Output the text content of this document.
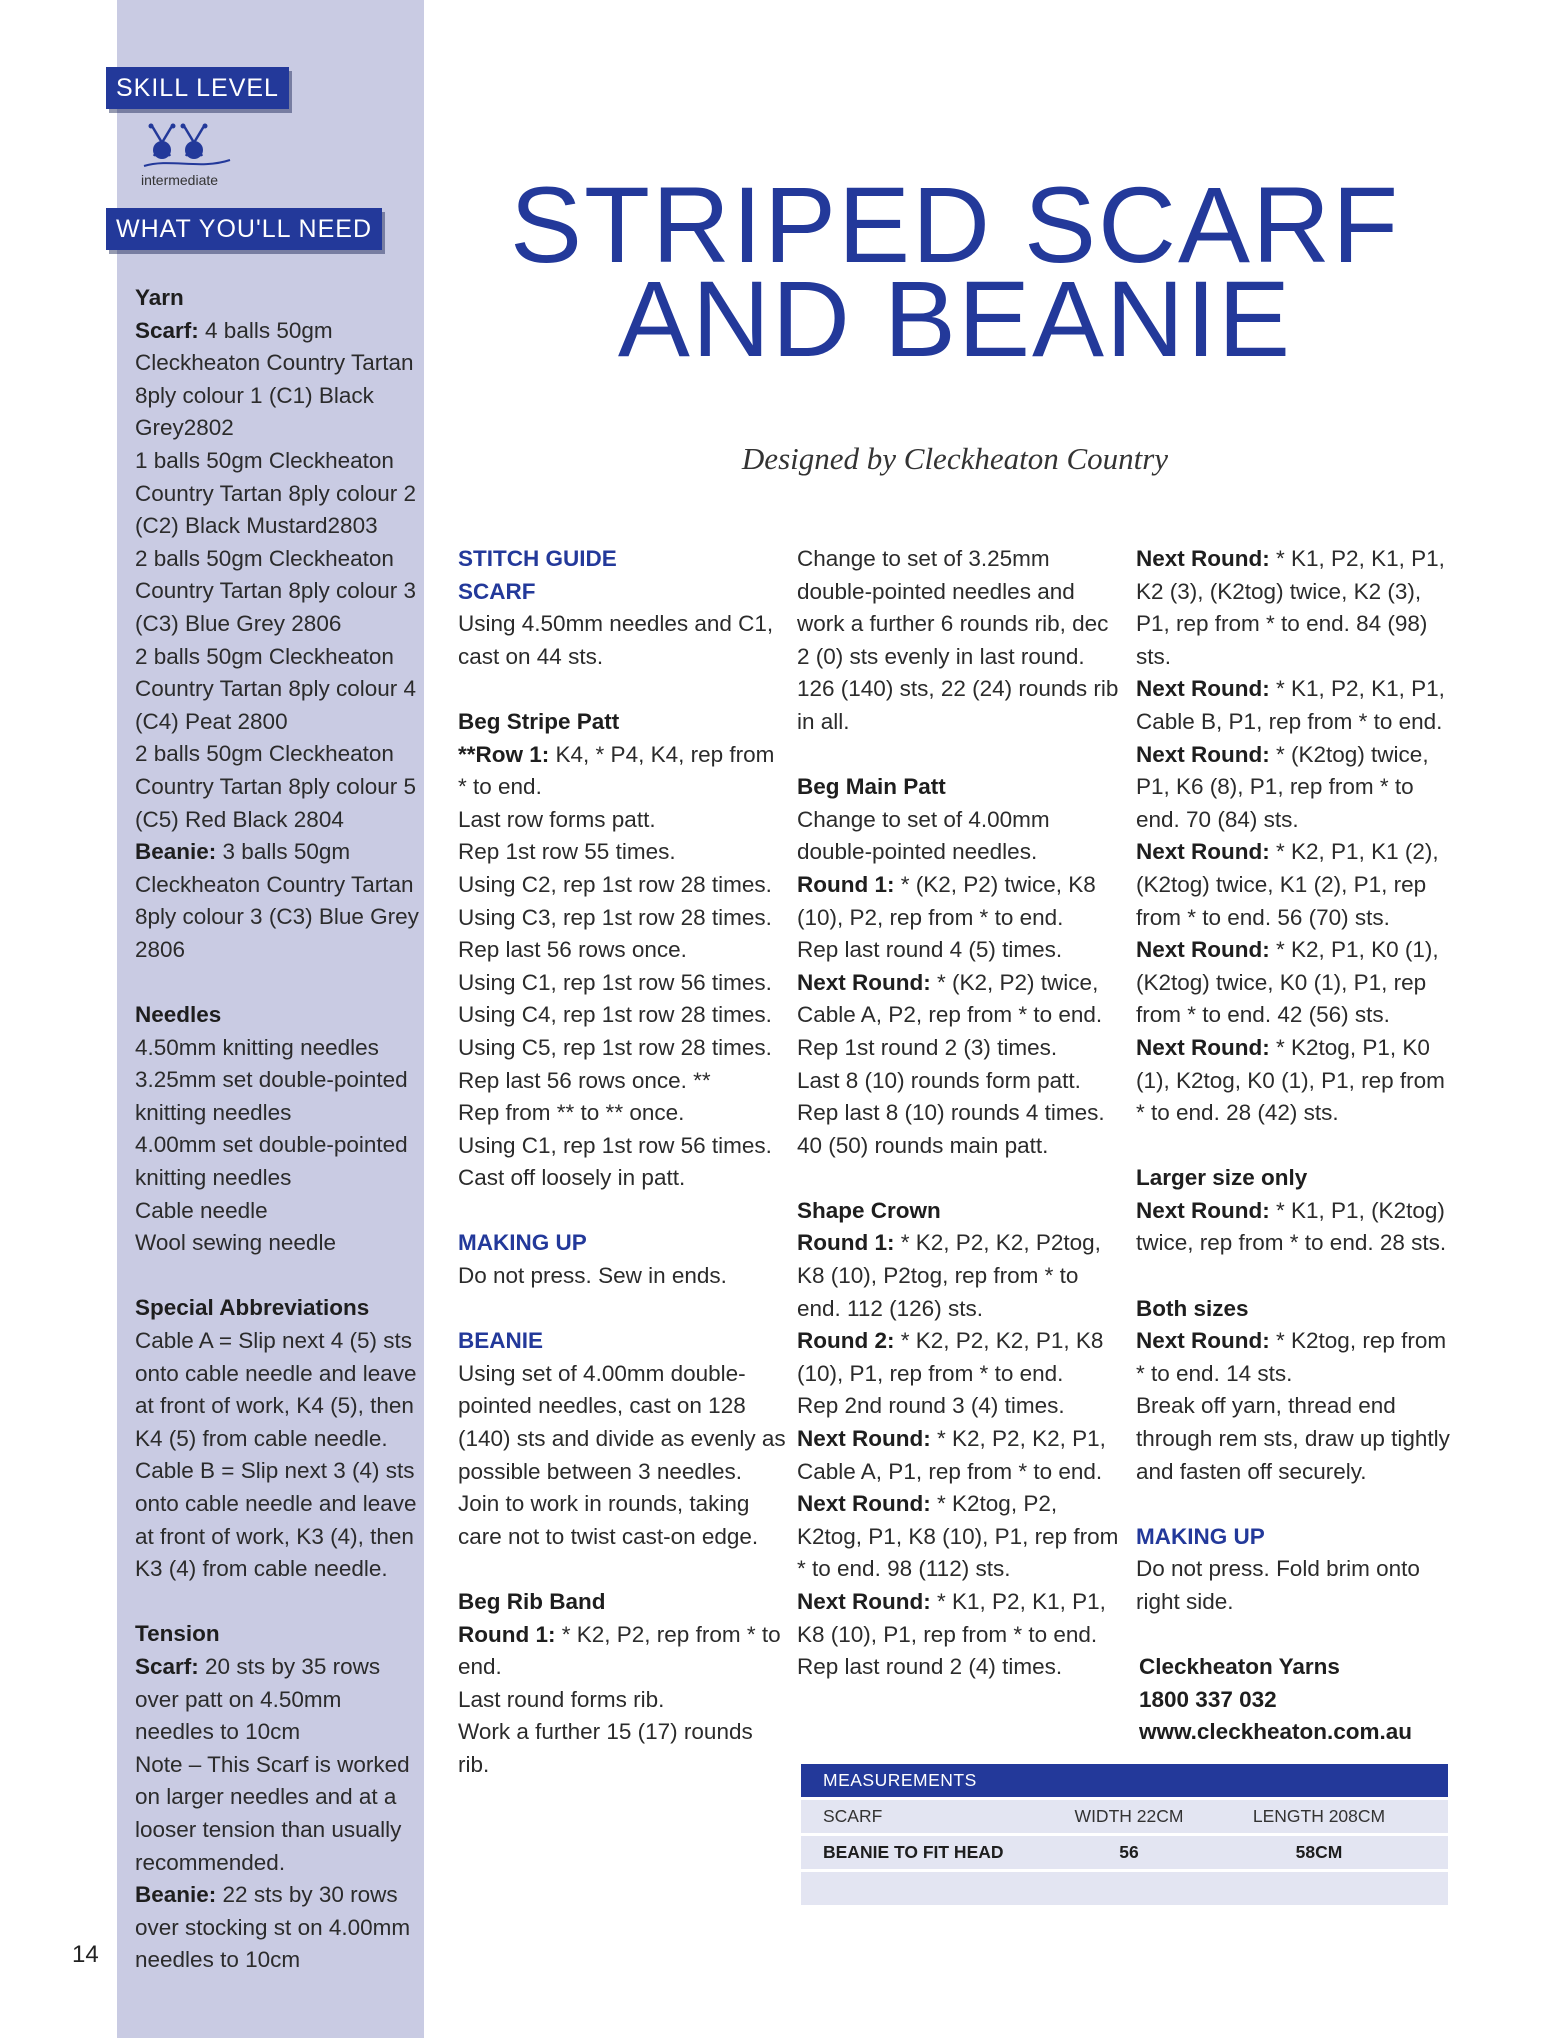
SKILL LEVEL
intermediate
WHAT YOU'LL NEED

Yarn

Scarf: 4 balls 50gm Cleckheaton Country Tartan 8ply colour 1 (C1) Black Grey2802

1 balls 50gm Cleckheaton Country Tartan 8ply colour 2 (C2) Black Mustard2803

2 balls 50gm Cleckheaton Country Tartan 8ply colour 3 (C3) Blue Grey 2806

2 balls 50gm Cleckheaton Country Tartan 8ply colour 4 (C4) Peat 2800

2 balls 50gm Cleckheaton Country Tartan 8ply colour 5 (C5) Red Black 2804

Beanie: 3 balls 50gm Cleckheaton Country Tartan 8ply colour 3 (C3) Blue Grey 2806

Needles

4.50mm knitting needles

3.25mm set double-pointed knitting needles

4.00mm set double-pointed knitting needles

Cable needle

Wool sewing needle

Special Abbreviations

Cable A = Slip next 4 (5) sts onto cable needle and leave at front of work, K4 (5), then K4 (5) from cable needle.

Cable B = Slip next 3 (4) sts onto cable needle and leave at front of work, K3 (4), then K3 (4) from cable needle.

Tension

Scarf: 20 sts by 35 rows over patt on 4.50mm needles to 10cm

Note – This Scarf is worked on larger needles and at a looser tension than usually recommended.

Beanie: 22 sts by 30 rows over stocking st on 4.00mm needles to 10cm

14
STRIPED SCARF
AND BEANIE
Designed by Cleckheaton Country

STITCH GUIDE

SCARF

Using 4.50mm needles and C1, cast on 44 sts.

Beg Stripe Patt

**Row 1: K4, * P4, K4, rep from * to end.

Last row forms patt.

Rep 1st row 55 times.

Using C2, rep 1st row 28 times.

Using C3, rep 1st row 28 times.

Rep last 56 rows once.

Using C1, rep 1st row 56 times.

Using C4, rep 1st row 28 times.

Using C5, rep 1st row 28 times.

Rep last 56 rows once. **

Rep from ** to ** once.

Using C1, rep 1st row 56 times.

Cast off loosely in patt.

MAKING UP

Do not press. Sew in ends.

BEANIE

Using set of 4.00mm double-pointed needles, cast on 128 (140) sts and divide as evenly as possible between 3 needles. Join to work in rounds, taking care not to twist cast-on edge.

Beg Rib Band

Round 1: * K2, P2, rep from * to end.

Last round forms rib.

Work a further 15 (17) rounds rib.

Change to set of 3.25mm double-pointed needles and work a further 6 rounds rib, dec 2 (0) sts evenly in last round. 126 (140) sts, 22 (24) rounds rib in all.

Beg Main Patt

Change to set of 4.00mm double-pointed needles.

Round 1: * (K2, P2) twice, K8 (10), P2, rep from * to end.

Rep last round 4 (5) times.

Next Round: * (K2, P2) twice, Cable A, P2, rep from * to end.

Rep 1st round 2 (3) times.

Last 8 (10) rounds form patt.

Rep last 8 (10) rounds 4 times. 40 (50) rounds main patt.

Shape Crown

Round 1: * K2, P2, K2, P2tog, K8 (10), P2tog, rep from * to end. 112 (126) sts.

Round 2: * K2, P2, K2, P1, K8 (10), P1, rep from * to end.

Rep 2nd round 3 (4) times.

Next Round: * K2, P2, K2, P1, Cable A, P1, rep from * to end.

Next Round: * K2tog, P2, K2tog, P1, K8 (10), P1, rep from * to end. 98 (112) sts.

Next Round: * K1, P2, K1, P1, K8 (10), P1, rep from * to end.

Rep last round 2 (4) times.

Next Round: * K1, P2, K1, P1, K2 (3), (K2tog) twice, K2 (3), P1, rep from * to end. 84 (98) sts.

Next Round: * K1, P2, K1, P1, Cable B, P1, rep from * to end.

Next Round: * (K2tog) twice, P1, K6 (8), P1, rep from * to end. 70 (84) sts.

Next Round: * K2, P1, K1 (2), (K2tog) twice, K1 (2), P1, rep from * to end. 56 (70) sts.

Next Round: * K2, P1, K0 (1), (K2tog) twice, K0 (1), P1, rep from * to end. 42 (56) sts.

Next Round: * K2tog, P1, K0 (1), K2tog, K0 (1), P1, rep from * to end. 28 (42) sts.

Larger size only

Next Round: * K1, P1, (K2tog) twice, rep from * to end. 28 sts.

Both sizes

Next Round: * K2tog, rep from * to end. 14 sts.

Break off yarn, thread end through rem sts, draw up tightly and fasten off securely.

MAKING UP

Do not press. Fold brim onto right side.

Cleckheaton Yarns
1800 337 032
www.cleckheaton.com.au
MEASUREMENTS
SCARF	WIDTH 22CM	LENGTH 208CM
BEANIE TO FIT HEAD	56	58CM
